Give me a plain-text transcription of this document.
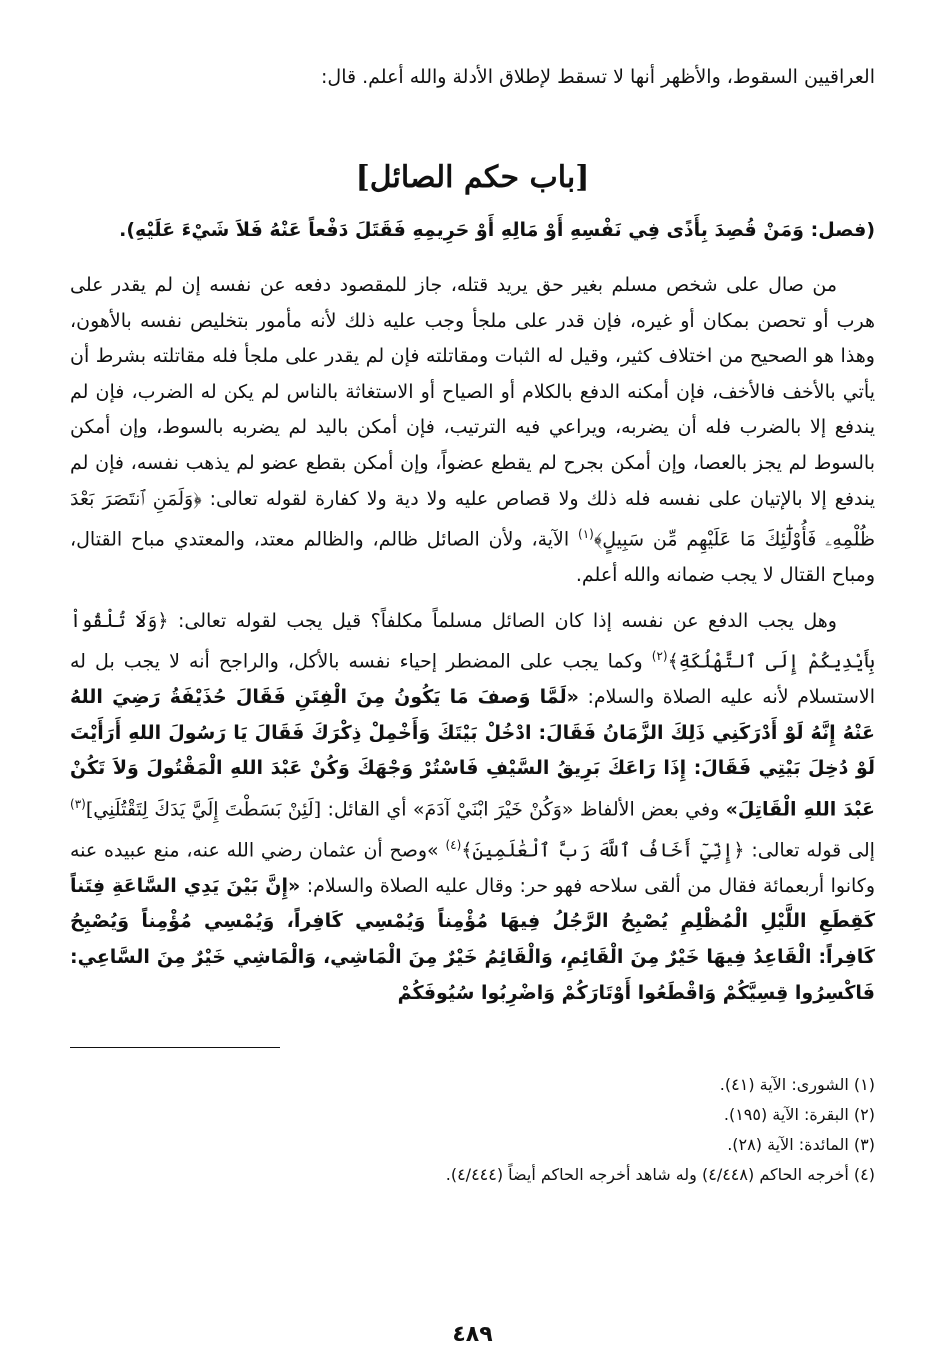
العراقيين السقوط، والأظهر أنها لا تسقط لإطلاق الأدلة والله أعلم. قال:

[باب حكم الصائل]

(فصل: وَمَنْ قُصِدَ بِأَذًى فِي نَفْسِهِ أَوْ مَالِهِ أَوْ حَرِيمِهِ فَقَتَلَ دَفْعاً عَنْهُ فَلاَ شَيْءَ عَلَيْهِ).

من صال على شخص مسلم بغير حق يريد قتله، جاز للمقصود دفعه عن نفسه إن لم يقدر على هرب أو تحصن بمكان أو غيره، فإن قدر على ملجأ وجب عليه ذلك لأنه مأمور بتخليص نفسه بالأهون، وهذا هو الصحيح من اختلاف كثير، وقيل له الثبات ومقاتلته فإن لم يقدر على ملجأ فله مقاتلته بشرط أن يأتي بالأخف فالأخف، فإن أمكنه الدفع بالكلام أو الصياح أو الاستغاثة بالناس لم يكن له الضرب، فإن لم يندفع إلا بالضرب فله أن يضربه، ويراعي فيه الترتيب، فإن أمكن باليد لم يضربه بالسوط، وإن أمكن بالسوط لم يجز بالعصا، وإن أمكن بجرح لم يقطع عضواً، وإن أمكن بقطع عضو لم يذهب نفسه، فإن لم يندفع إلا بالإتيان على نفسه فله ذلك ولا قصاص عليه ولا دية ولا كفارة لقوله تعالى: ﴿وَلَمَنِ ٱنتَصَرَ بَعْدَ ظُلْمِهِۦ فَأُوْلَٰٓئِكَ مَا عَلَيْهِم مِّن سَبِيلٍ﴾$^{(١)}$ الآية، ولأن الصائل ظالم، والظالم معتد، والمعتدي مباح القتال، ومباح القتال لا يجب ضمانه والله أعلم.

وهل يجب الدفع عن نفسه إذا كان الصائل مسلماً مكلفاً؟ قيل يجب لقوله تعالى: ﴿وَلَا تُلْقُواْ بِأَيْدِيكُمْ إِلَى ٱلتَّهْلُكَةِ﴾$^{(٢)}$ وكما يجب على المضطر إحياء نفسه بالأكل، والراجح أنه لا يجب بل له الاستسلام لأنه عليه الصلاة والسلام: «لَمَّا وَصفَ مَا يَكُونُ مِنَ الْفِتَنِ فَقَالَ حُذَيْفَةُ رَضِيَ اللهُ عَنْهُ إِنَّهُ لَوْ أَدْرَكَنِي ذَلِكَ الزَّمَانُ فَقَالَ: ادْخُلْ بَيْتَكَ وَأَخْمِلْ ذِكْرَكَ فَقَالَ يَا رَسُولَ اللهِ أَرَأَيْتَ لَوْ دُخِلَ بَيْتِي فَقَالَ: إِذَا رَاعَكَ بَرِيقُ السَّيْفِ فَاسْتُرْ وَجْهَكَ وَكُنْ عَبْدَ اللهِ الْمَقْتُولَ وَلاَ تَكُنْ عَبْدَ اللهِ الْقَاتِلَ» وفي بعض الألفاظ «وَكُنْ خَيْرَ ابْنَيْ آدَمَ» أي القائل: [لَئِنْ بَسَطْتَ إِلَيَّ يَدَكَ لِتَقْتُلَنِي]$^{(٣)}$ إلى قوله تعالى: ﴿إِنِّيٓ أَخَافُ ٱللَّهَ رَبَّ ٱلْعَٰلَمِينَ﴾$^{(٤)}$ »وصح أن عثمان رضي الله عنه، منع عبيده عنه وكانوا أربعمائة فقال من ألقى سلاحه فهو حر: وقال عليه الصلاة والسلام: «إِنَّ بَيْنَ يَدِي السَّاعَةِ فِتَناً كَقِطَعِ اللَّيْلِ الْمُظْلِمِ يُصْبِحُ الرَّجُلُ فِيهَا مُؤْمِناً وَيُمْسِي كَافِراً، وَيُمْسِي مُؤْمِناً وَيُصْبِحُ كَافِراً: الْقَاعِدُ فِيهَا خَيْرٌ مِنَ الْقَائِمِ، وَالْقَائِمُ خَيْرٌ مِنَ الْمَاشِي، وَالْمَاشِي خَيْرٌ مِنَ السَّاعِي: فَاكْسِرُوا قِسِيَّكُمْ وَاقْطَعُوا أَوْتَارَكُمْ وَاضْرِبُوا سُيُوفَكُمْ

(١) الشورى: الآية (٤١).
(٢) البقرة: الآية (١٩٥).
(٣) المائدة: الآية (٢٨).
(٤) أخرجه الحاكم (٤/٤٤٨) وله شاهد أخرجه الحاكم أيضاً (٤/٤٤٤).
٤٨٩
